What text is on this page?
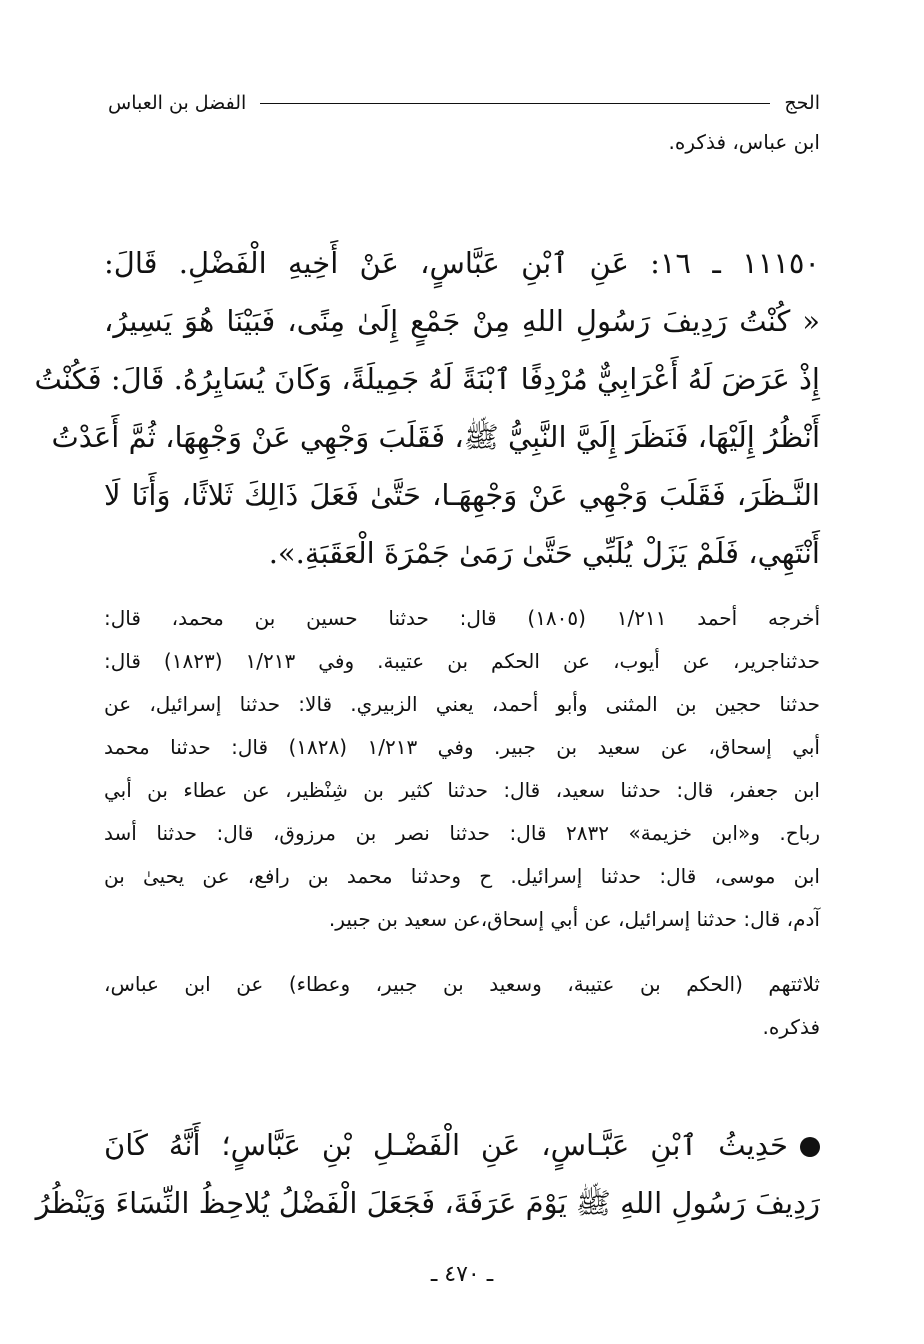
الحج
الفضل بن العباس
ابن عباس، فذكره.
١١١٥٠ ـ ١٦: عَنِ ٱبْنِ عَبَّاسٍ، عَنْ أَخِيهِ الْفَضْلِ. قَالَ:
« كُنْتُ رَدِيفَ رَسُولِ اللهِ مِنْ جَمْعٍ إِلَىٰ مِنًى، فَبَيْنَا هُوَ يَسِيرُ،
إِذْ عَرَضَ لَهُ أَعْرَابِيٌّ مُرْدِفًا ٱبْنَةً لَهُ جَمِيلَةً، وَكَانَ يُسَايِرُهُ. قَالَ: فَكُنْتُ
أَنْظُرُ إِلَيْهَا، فَنَظَرَ إِلَيَّ النَّبِيُّ ﷺ، فَقَلَبَ وَجْهِي عَنْ وَجْهِهَا، ثُمَّ أَعَدْتُ
النَّـظَرَ، فَقَلَبَ وَجْهِي عَنْ وَجْهِهَـا، حَتَّىٰ فَعَلَ ذَالِكَ ثَلاثًا، وَأَنَا لَا
أَنْتَهِي، فَلَمْ يَزَلْ يُلَبِّي حَتَّىٰ رَمَىٰ جَمْرَةَ الْعَقَبَةِ.».
أخرجه أحمد ١/٢١١ (١٨٠٥) قال: حدثنا حسين بن محمد، قال:
حدثناجرير، عن أيوب، عن الحكم بن عتيبة. وفي ١/٢١٣ (١٨٢٣) قال:
حدثنا حجين بن المثنى وأبو أحمد، يعني الزبيري. قالا: حدثنا إسرائيل، عن
أبي إسحاق، عن سعيد بن جبير. وفي ١/٢١٣ (١٨٢٨) قال: حدثنا محمد
ابن جعفر، قال: حدثنا سعيد، قال: حدثنا كثير بن شِنْظير، عن عطاء بن أبي
رباح. و«ابن خزيمة» ٢٨٣٢ قال: حدثنا نصر بن مرزوق، قال: حدثنا أسد
ابن موسى، قال: حدثنا إسرائيل. ح وحدثنا محمد بن رافع، عن يحيىٰ بن
آدم، قال: حدثنا إسرائيل، عن أبي إسحاق،عن سعيد بن جبير.
ثلاثتهم (الحكم بن عتيبة، وسعيد بن جبير، وعطاء) عن ابن عباس،
فذكره.
حَدِيثُ ٱبْنِ عَبَّـاسٍ، عَنِ الْفَضْـلِ بْنِ عَبَّاسٍ؛ أَنَّهُ كَانَ
رَدِيفَ رَسُولِ اللهِ ﷺ يَوْمَ عَرَفَةَ، فَجَعَلَ الْفَضْلُ يُلاحِظُ النِّسَاءَ وَيَنْظُرُ
ـ ٤٧٠ ـ
